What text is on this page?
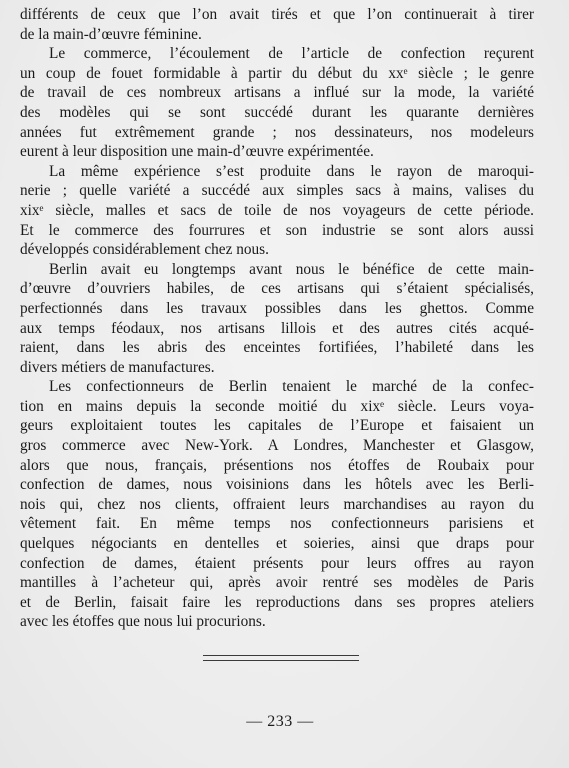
différents de ceux que l’on avait tirés et que l’on continuerait à tirer
de la main-d’œuvre féminine.
Le commerce, l’écoulement de l’article de confection reçurent
un coup de fouet formidable à partir du début du xxᵉ siècle ; le genre
de travail de ces nombreux artisans a influé sur la mode, la variété
des modèles qui se sont succédé durant les quarante dernières
années fut extrêmement grande ; nos dessinateurs, nos modeleurs
eurent à leur disposition une main-d’œuvre expérimentée.
La même expérience s’est produite dans le rayon de maroqui-
nerie ; quelle variété a succédé aux simples sacs à mains, valises du
xixᵉ siècle, malles et sacs de toile de nos voyageurs de cette période.
Et le commerce des fourrures et son industrie se sont alors aussi
développés considérablement chez nous.
Berlin avait eu longtemps avant nous le bénéfice de cette main-
d’œuvre d’ouvriers habiles, de ces artisans qui s’étaient spécialisés,
perfectionnés dans les travaux possibles dans les ghettos. Comme
aux temps féodaux, nos artisans lillois et des autres cités acqué-
raient, dans les abris des enceintes fortifiées, l’habileté dans les
divers métiers de manufactures.
Les confectionneurs de Berlin tenaient le marché de la confec-
tion en mains depuis la seconde moitié du xixᵉ siècle. Leurs voya-
geurs exploitaient toutes les capitales de l’Europe et faisaient un
gros commerce avec New-York. A Londres, Manchester et Glasgow,
alors que nous, français, présentions nos étoffes de Roubaix pour
confection de dames, nous voisinions dans les hôtels avec les Berli-
nois qui, chez nos clients, offraient leurs marchandises au rayon du
vêtement fait. En même temps nos confectionneurs parisiens et
quelques négociants en dentelles et soieries, ainsi que draps pour
confection de dames, étaient présents pour leurs offres au rayon
mantilles à l’acheteur qui, après avoir rentré ses modèles de Paris
et de Berlin, faisait faire les reproductions dans ses propres ateliers
avec les étoffes que nous lui procurions.
— 233 —
